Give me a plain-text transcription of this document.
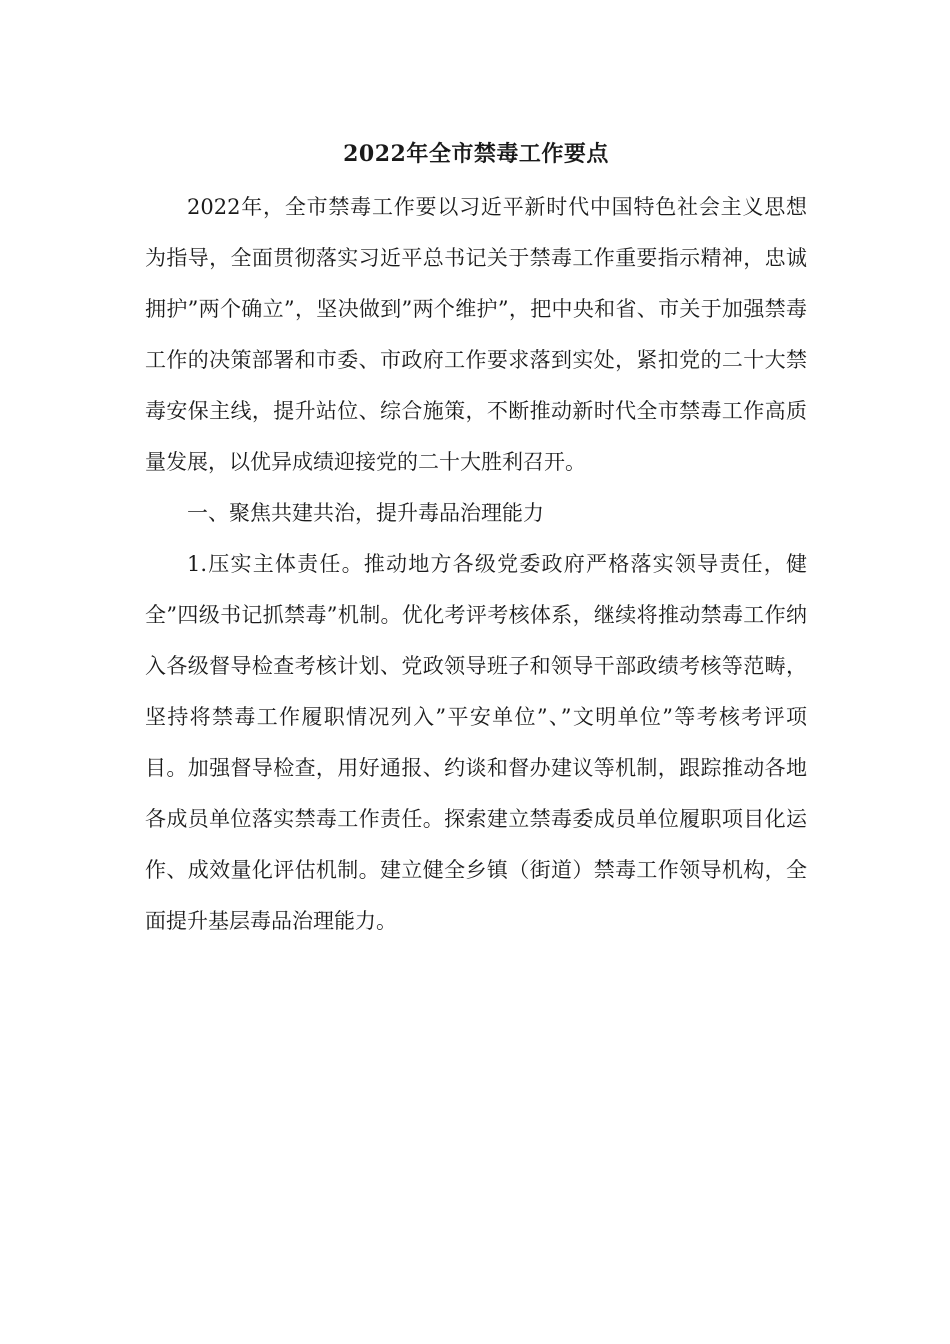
2022年全市禁毒工作要点

2022年，全市禁毒工作要以习近平新时代中国特色社会主义思想为指导，全面贯彻落实习近平总书记关于禁毒工作重要指示精神，忠诚拥护”两个确立”，坚决做到”两个维护”，把中央和省、市关于加强禁毒工作的决策部署和市委、市政府工作要求落到实处，紧扣党的二十大禁毒安保主线，提升站位、综合施策，不断推动新时代全市禁毒工作高质量发展，以优异成绩迎接党的二十大胜利召开。

一、聚焦共建共治，提升毒品治理能力

1.压实主体责任。推动地方各级党委政府严格落实领导责任，健全”四级书记抓禁毒”机制。优化考评考核体系，继续将推动禁毒工作纳入各级督导检查考核计划、党政领导班子和领导干部政绩考核等范畴，坚持将禁毒工作履职情况列入”平安单位”、”文明单位”等考核考评项目。加强督导检查，用好通报、约谈和督办建议等机制，跟踪推动各地各成员单位落实禁毒工作责任。探索建立禁毒委成员单位履职项目化运作、成效量化评估机制。建立健全乡镇（街道）禁毒工作领导机构，全面提升基层毒品治理能力。
